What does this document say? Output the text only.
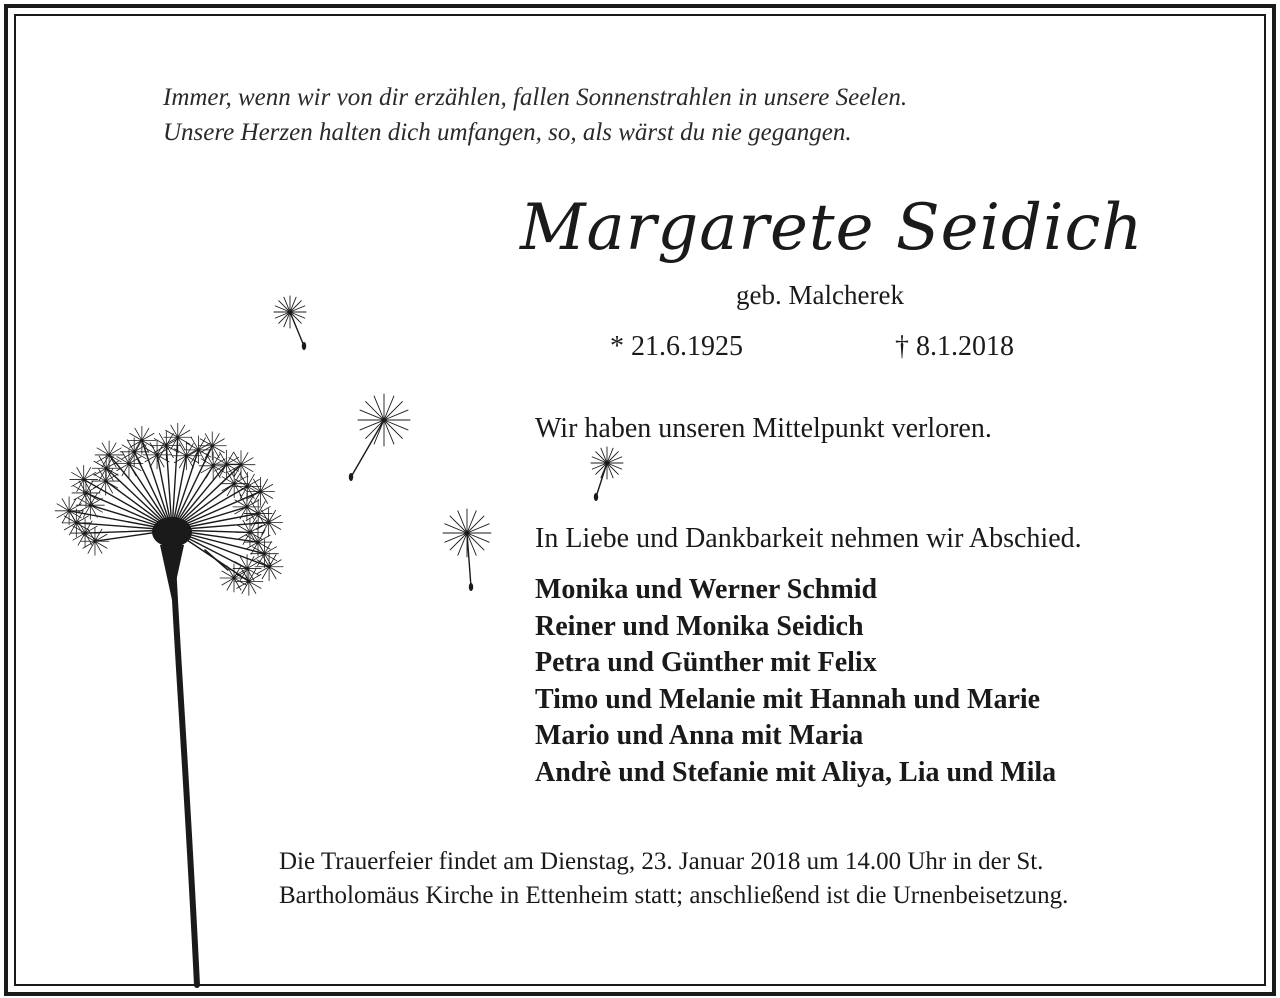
Immer, wenn wir von dir erzählen, fallen Sonnenstrahlen in unsere Seelen.
Unsere Herzen halten dich umfangen, so, als wärst du nie gegangen.
Margarete Seidich
geb. Malcherek
* 21.6.1925	† 8.1.2018
Wir haben unseren Mittelpunkt verloren.
In Liebe und Dankbarkeit nehmen wir Abschied.
Monika und Werner Schmid
Reiner und Monika Seidich
Petra und Günther mit Felix
Timo und Melanie mit Hannah und Marie
Mario und Anna mit Maria
Andrè und Stefanie mit Aliya, Lia und Mila
Die Trauerfeier findet am Dienstag, 23. Januar 2018 um 14.00 Uhr in der St.
Bartholomäus Kirche in Ettenheim statt; anschließend ist die Urnenbeisetzung.
